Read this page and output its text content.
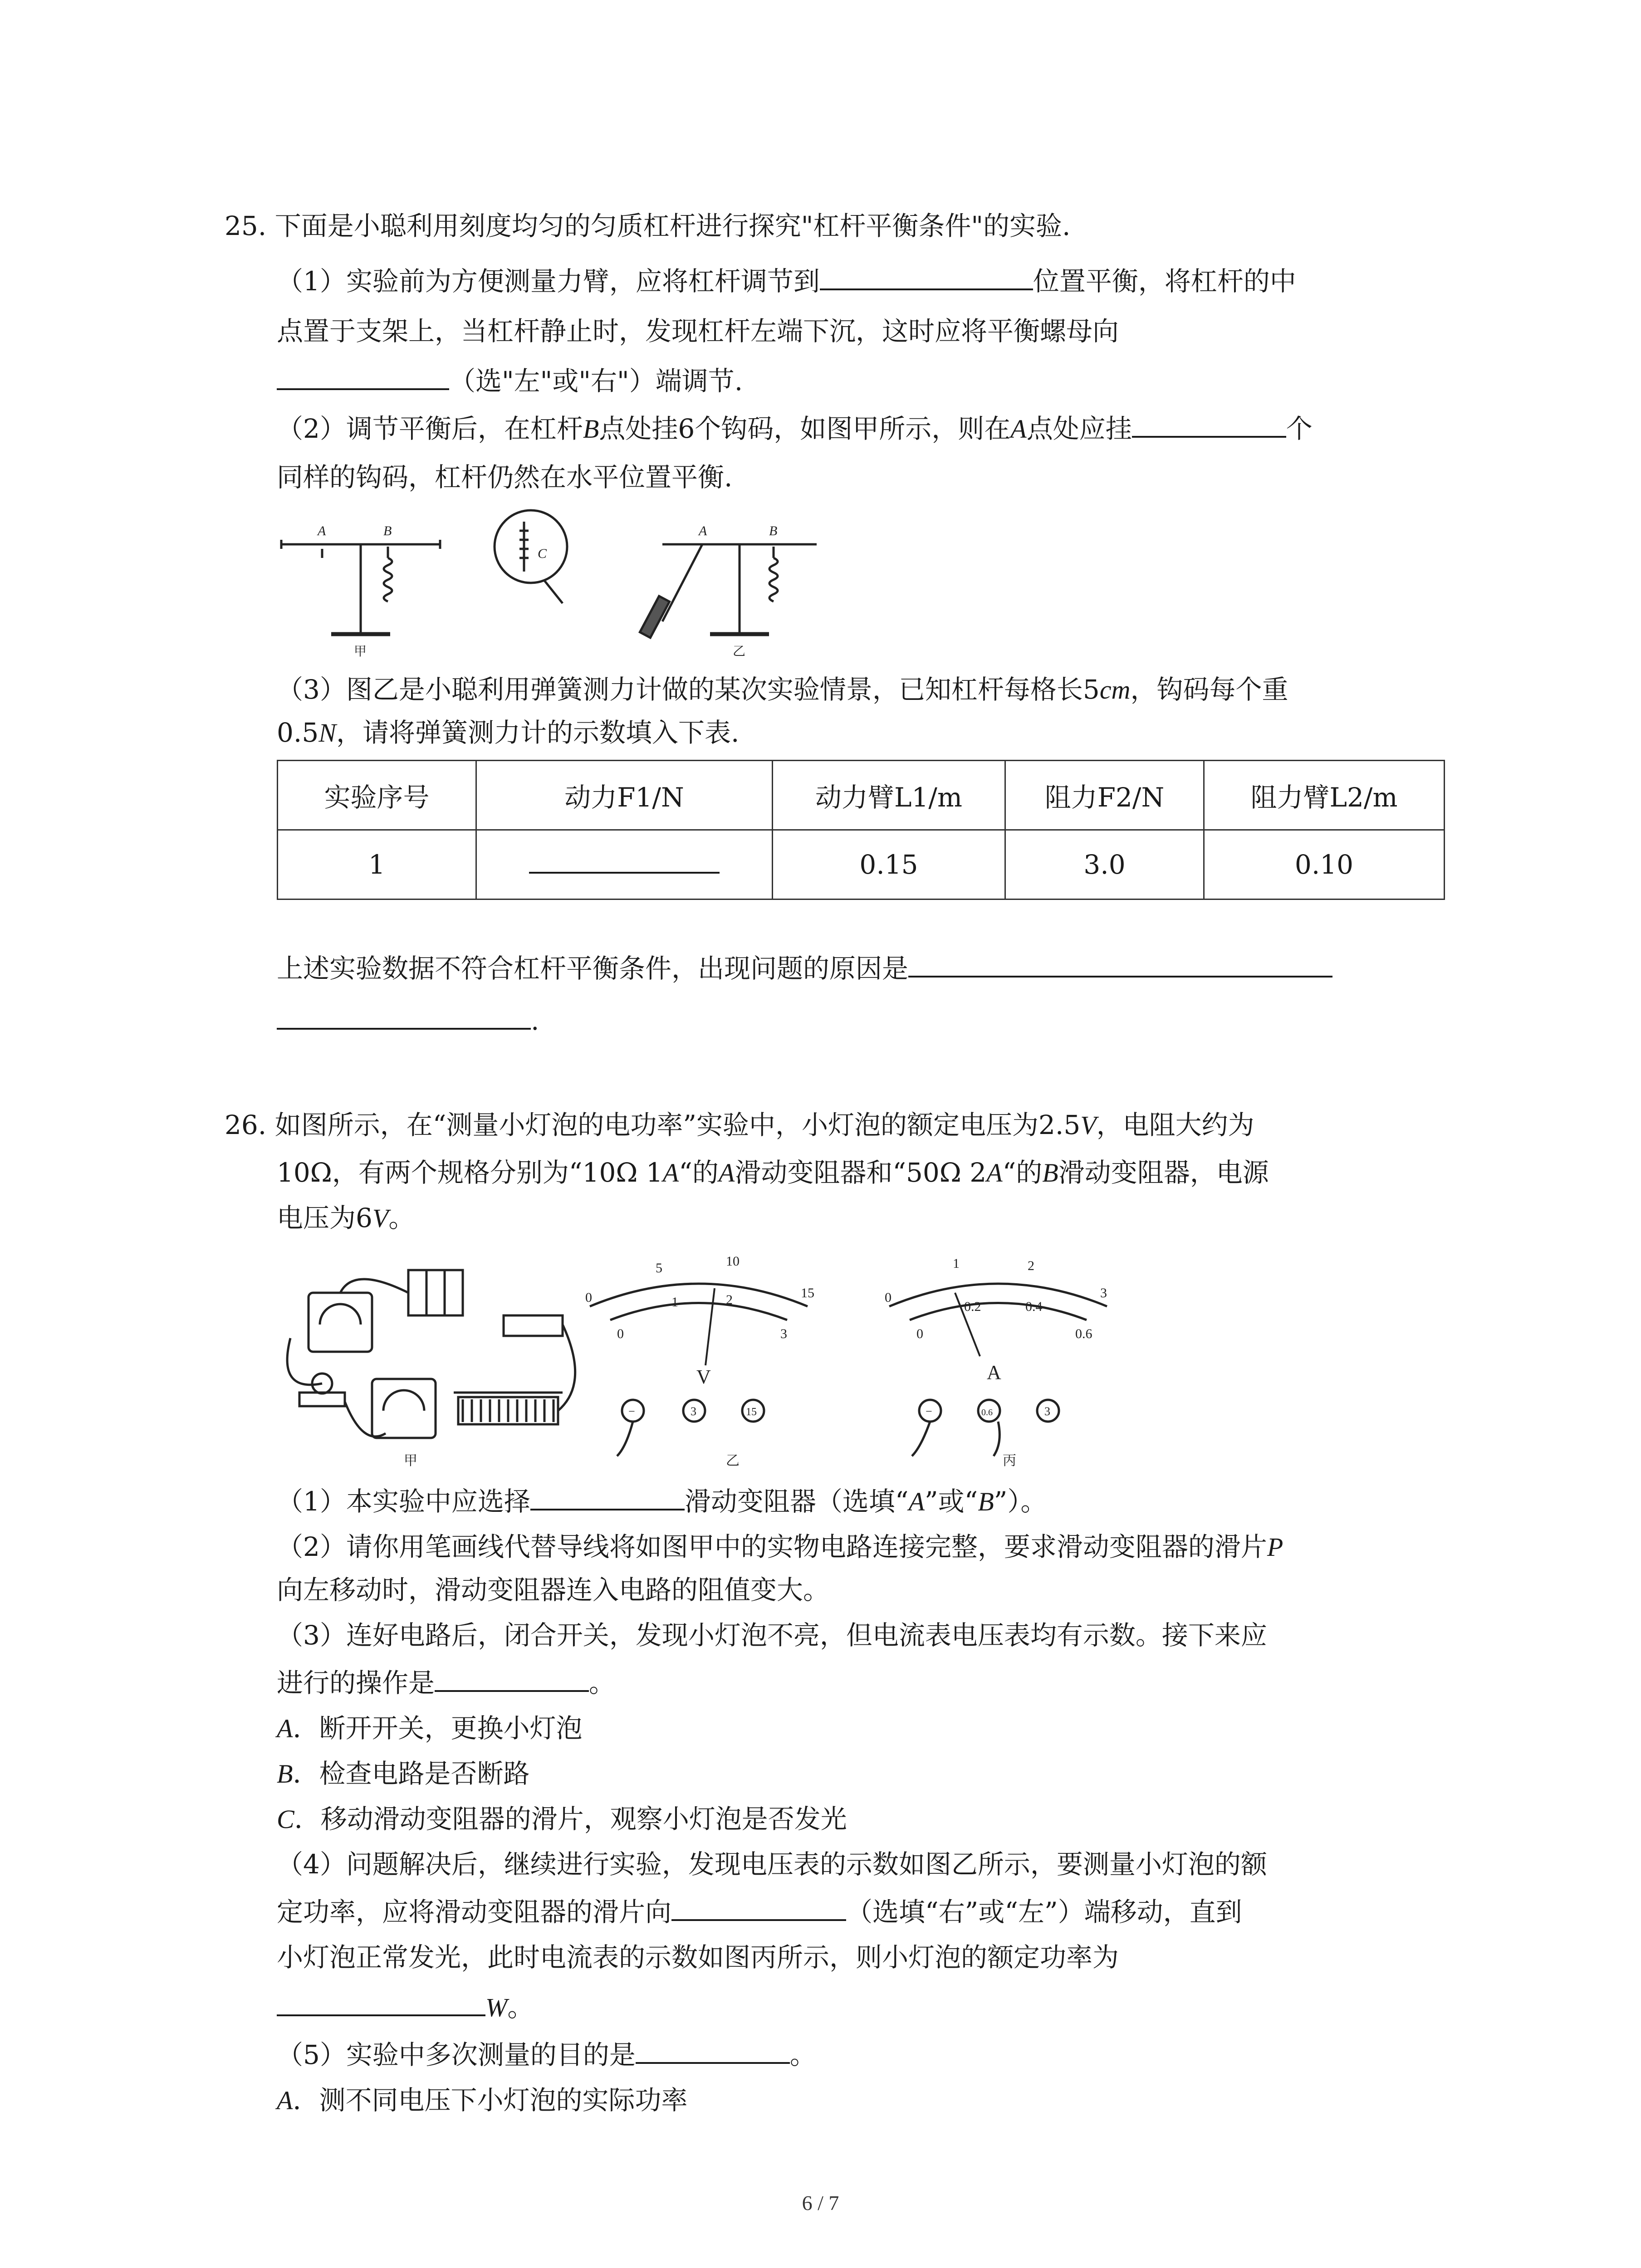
25. 下面是小聪利用刻度均匀的匀质杠杆进行探究"杠杆平衡条件"的实验.
（1）实验前为方便测量力臂，应将杠杆调节到	位置平衡，将杠杆的中
点置于支架上，当杠杆静止时，发现杠杆左端下沉，这时应将平衡螺母向
（选"左"或"右"）端调节.
（2）调节平衡后，在杠杆B点处挂6个钩码，如图甲所示，则在A点处应挂	个
同样的钩码，杠杆仍然在水平位置平衡.
A	B	A	B
C
甲	乙
（3）图乙是小聪利用弹簧测力计做的某次实验情景，已知杠杆每格长5cm，钩码每个重
0.5N，请将弹簧测力计的示数填入下表.
实验序号	动力F1/N	动力臂L1/m	阻力F2/N	阻力臂L2/m
1		0.15	3.0	0.10
上述实验数据不符合杠杆平衡条件，出现问题的原因是
.
26. 如图所示，在“测量小灯泡的电功率”实验中，小灯泡的额定电压为2.5V，电阻大约为
10Ω，有两个规格分别为“10Ω 1A“的A滑动变阻器和“50Ω 2A“的B滑动变阻器，电源
电压为6V。
0
5	10
15
0
1	2
3
V
−	3	15
0
1	2
3
0
0.2	0.4
0.6
A
−	0.6	3
甲	乙	丙
（1）本实验中应选择	滑动变阻器（选填“A”或“B”）。
（2）请你用笔画线代替导线将如图甲中的实物电路连接完整，要求滑动变阻器的滑片P
向左移动时，滑动变阻器连入电路的阻值变大。
（3）连好电路后，闭合开关，发现小灯泡不亮，但电流表电压表均有示数。接下来应
进行的操作是	。
A．断开开关，更换小灯泡
B．检查电路是否断路
C．移动滑动变阻器的滑片，观察小灯泡是否发光
（4）问题解决后，继续进行实验，发现电压表的示数如图乙所示，要测量小灯泡的额
定功率，应将滑动变阻器的滑片向	（选填“右”或“左”）端移动，直到
小灯泡正常发光，此时电流表的示数如图丙所示，则小灯泡的额定功率为
W。
（5）实验中多次测量的目的是	。
A．测不同电压下小灯泡的实际功率
6 / 7
